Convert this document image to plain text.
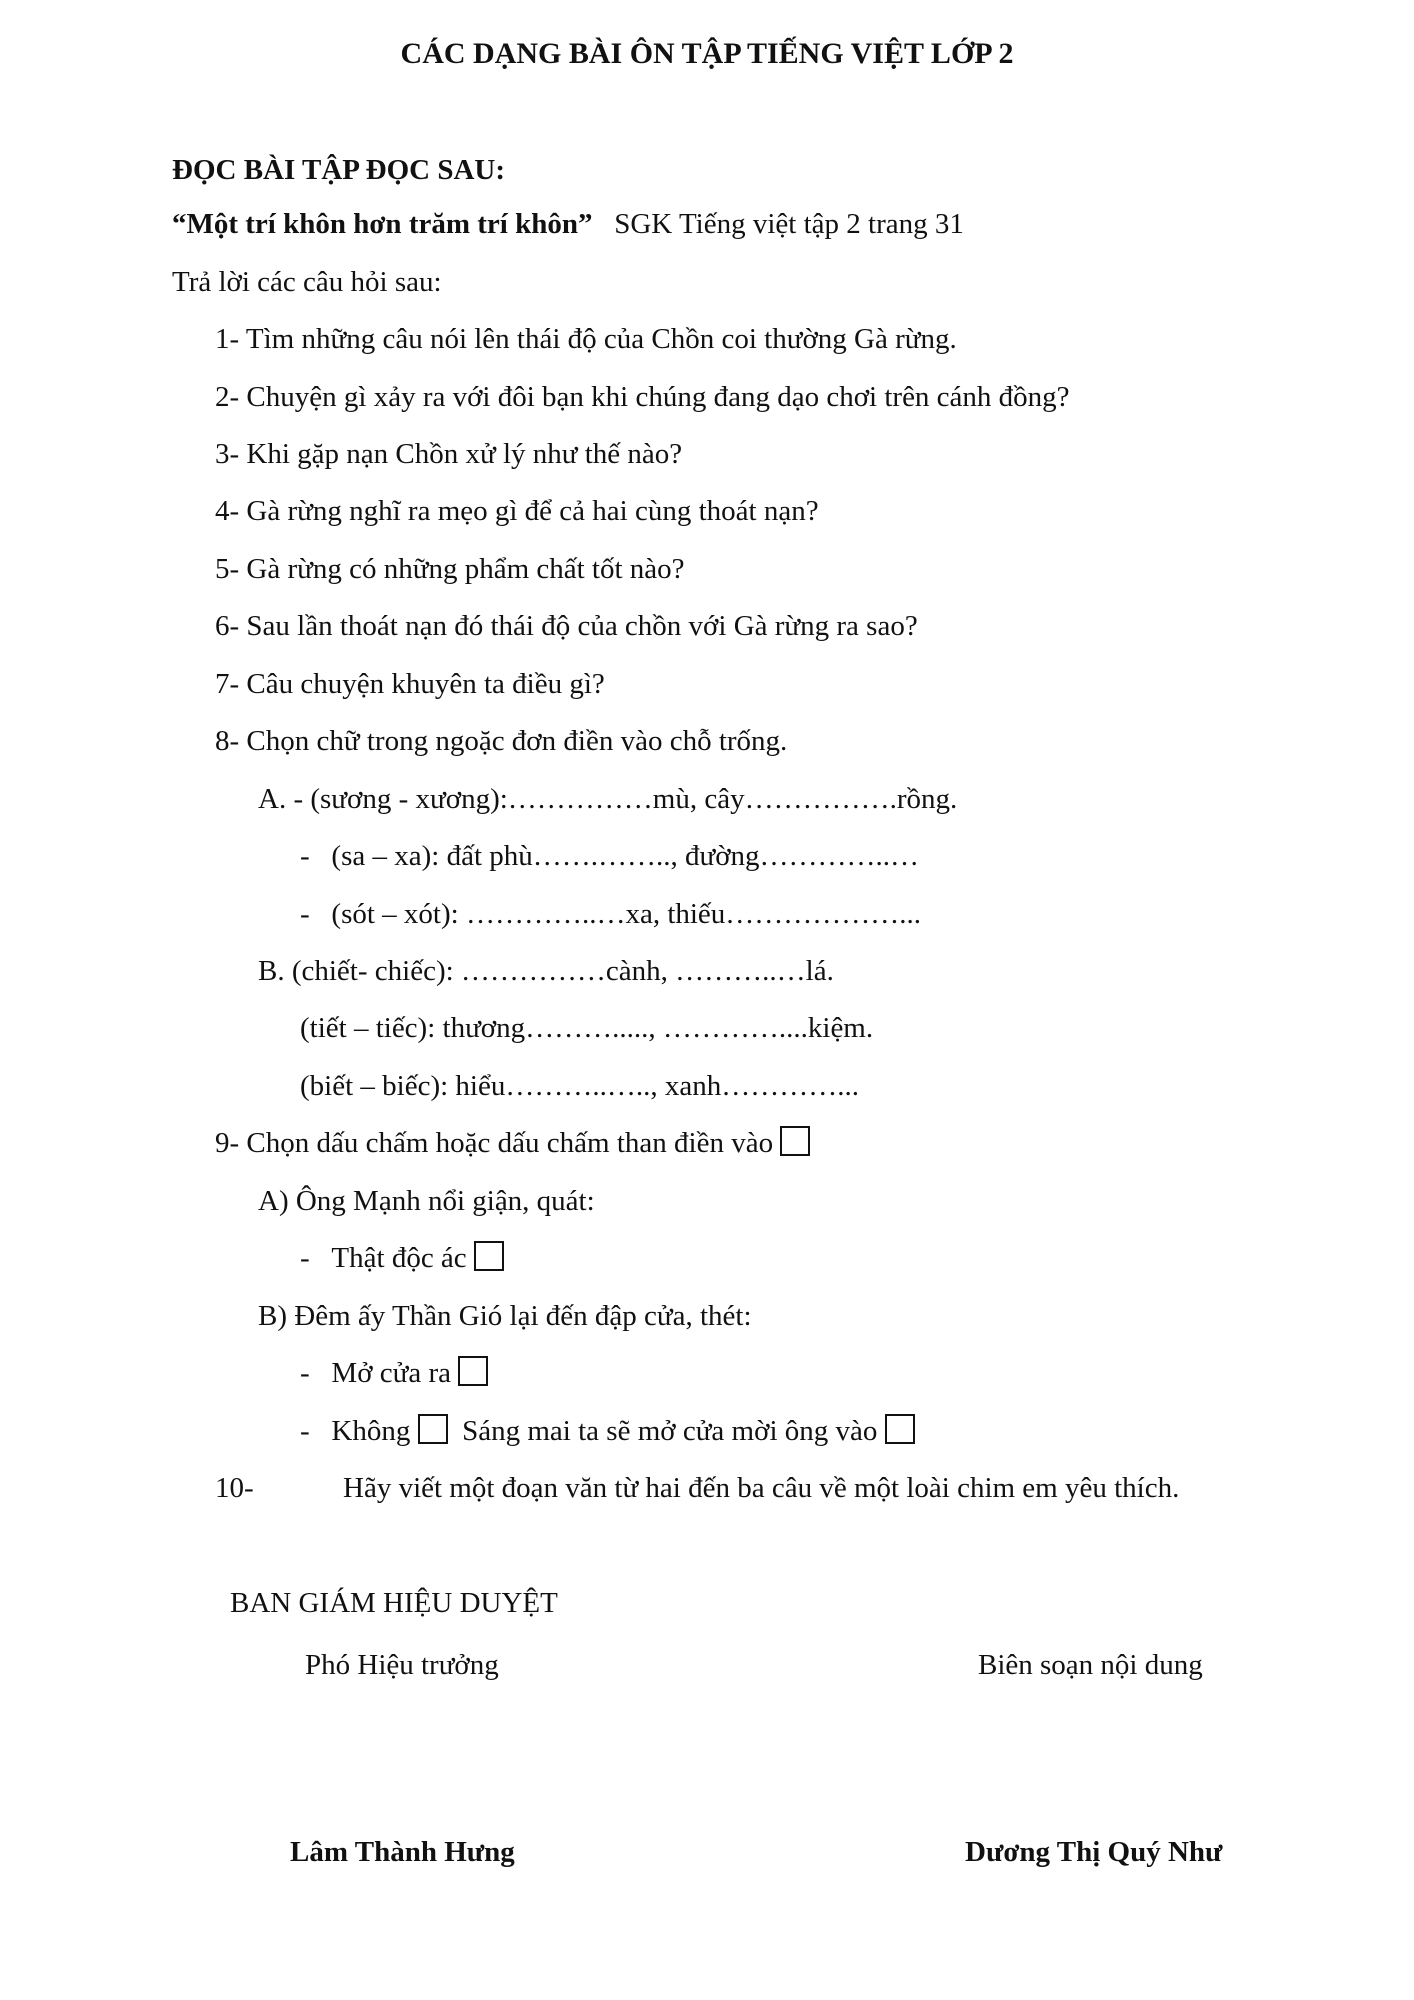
CÁC DẠNG BÀI ÔN TẬP TIẾNG VIỆT LỚP 2
ĐỌC BÀI TẬP ĐỌC SAU:
“Một trí khôn hơn trăm trí khôn” SGK Tiếng việt tập 2 trang 31
Trả lời các câu hỏi sau:
1- Tìm những câu nói lên thái độ của Chồn coi thường Gà rừng.
2- Chuyện gì xảy ra với đôi bạn khi chúng đang dạo chơi trên cánh đồng?
3- Khi gặp nạn Chồn xử lý như thế nào?
4- Gà rừng nghĩ ra mẹo gì để cả hai cùng thoát nạn?
5- Gà rừng có những phẩm chất tốt nào?
6- Sau lần thoát nạn đó thái độ của chồn với Gà rừng ra sao?
7- Câu chuyện khuyên ta điều gì?
8- Chọn chữ trong ngoặc đơn điền vào chỗ trống.
A. - (sương - xương):……………mù, cây…………….rồng.
- (sa – xa): đất phù…….…….., đường…………..…
- (sót – xót): …………..…xa, thiếu………………...
B. (chiết- chiếc): ……………cành, ………..…lá.
(tiết – tiếc): thương………....., …………....kiệm.
(biết – biếc): hiểu………..….., xanh…………...
9- Chọn dấu chấm hoặc dấu chấm than điền vào
A) Ông Mạnh nổi giận, quát:
- Thật độc ác
B) Đêm ấy Thần Gió lại đến đập cửa, thét:
- Mở cửa ra
- Không Sáng mai ta sẽ mở cửa mời ông vào
10-	Hãy viết một đoạn văn từ hai đến ba câu về một loài chim em yêu thích.
BAN GIÁM HIỆU DUYỆT
Phó Hiệu trưởng	Biên soạn nội dung
Lâm Thành Hưng	Dương Thị Quý Như
